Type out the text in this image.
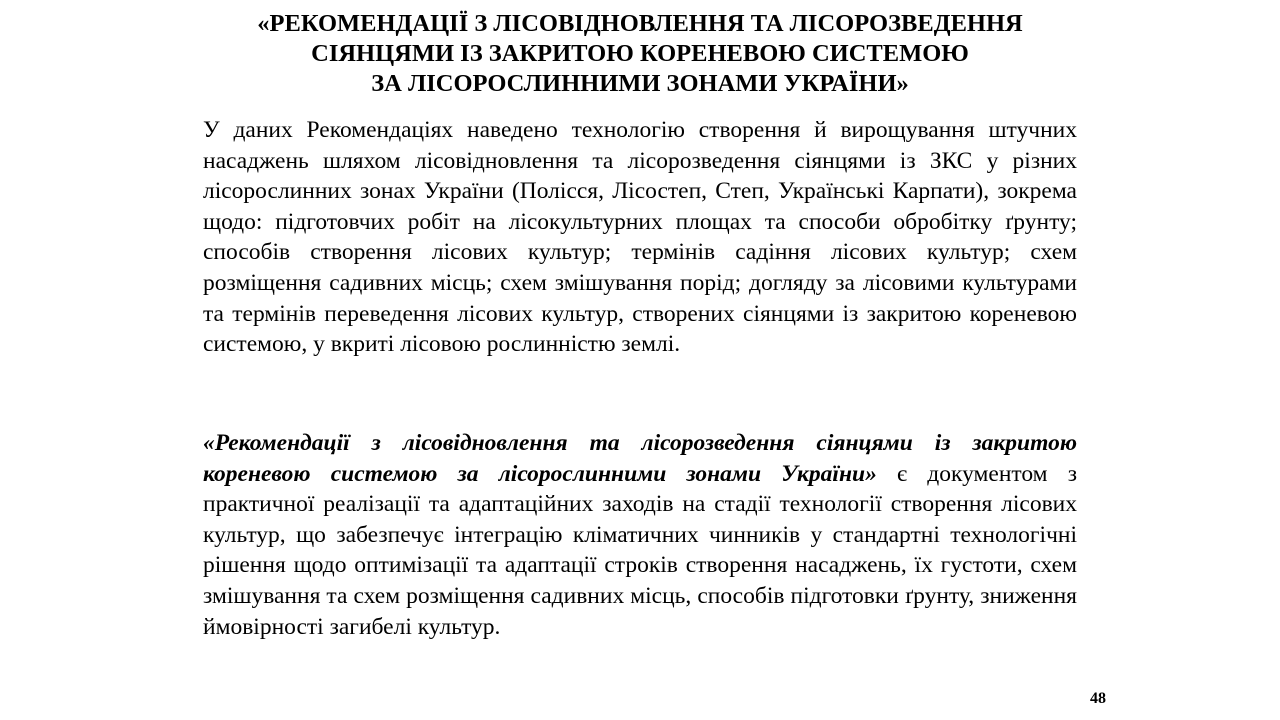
«РЕКОМЕНДАЦІЇ З ЛІСОВІДНОВЛЕННЯ ТА ЛІСОРОЗВЕДЕННЯ
СІЯНЦЯМИ ІЗ ЗАКРИТОЮ КОРЕНЕВОЮ СИСТЕМОЮ
ЗА ЛІСОРОСЛИННИМИ ЗОНАМИ УКРАЇНИ»

У даних Рекомендаціях наведено технологію створення й вирощування штучних насаджень шляхом лісовідновлення та лісорозведення сіянцями із ЗКС у різних лісорослинних зонах України (Полісся, Лісостеп, Степ, Українські Карпати), зокрема щодо: підготовчих робіт на лісокультурних площах та способи обробітку ґрунту; способів створення лісових культур; термінів садіння лісових культур; схем розміщення садивних місць; схем змішування порід; догляду за лісовими культурами та термінів переведення лісових культур, створених сіянцями із закритою кореневою системою, у вкриті лісовою рослинністю землі.

«Рекомендації з лісовідновлення та лісорозведення сіянцями із закритою кореневою системою за лісорослинними зонами України» є документом з практичної реалізації та адаптаційних заходів на стадії технології створення лісових культур, що забезпечує інтеграцію кліматичних чинників у стандартні технологічні рішення щодо оптимізації та адаптації строків створення насаджень, їх густоти, схем змішування та схем розміщення садивних місць, способів підготовки ґрунту, зниження ймовірності загибелі культур.

48
